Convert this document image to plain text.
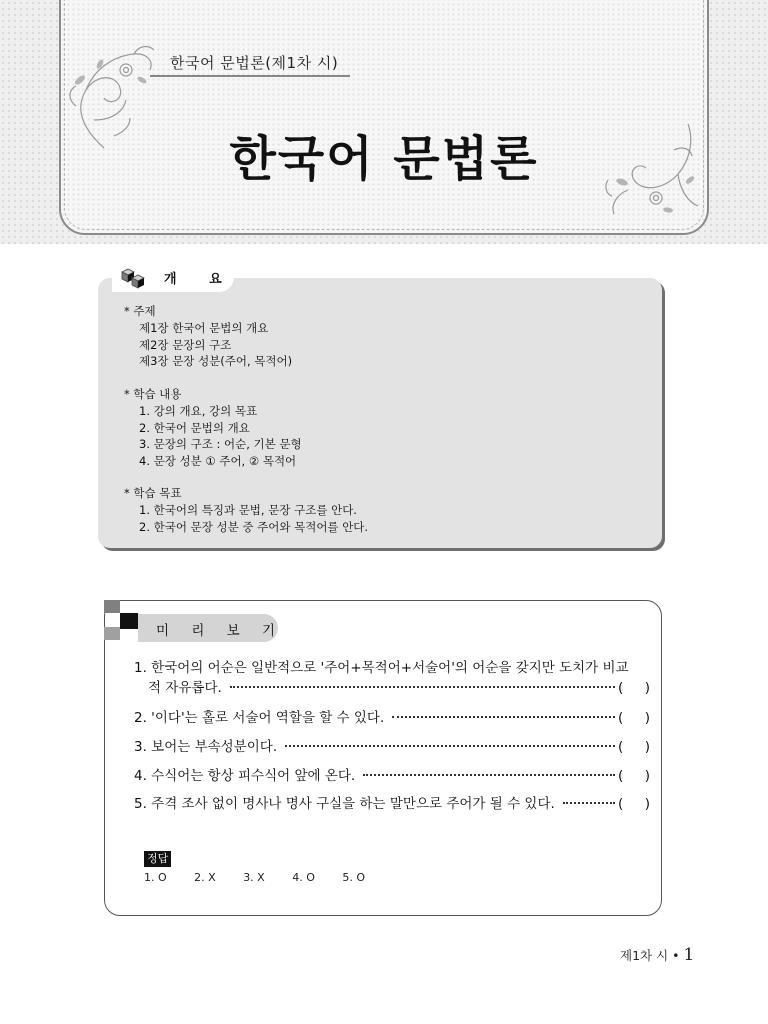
한국어 문법론(제1차 시)
한국어 문법론
개 요
* 주제
제1장 한국어 문법의 개요
제2장 문장의 구조
제3장 문장 성분(주어, 목적어)
* 학습 내용
1. 강의 개요, 강의 목표
2. 한국어 문법의 개요
3. 문장의 구조 : 어순, 기본 문형
4. 문장 성분 ① 주어, ② 목적어
* 학습 목표
1. 한국어의 특징과 문법, 문장 구조를 안다.
2. 한국어 문장 성분 중 주어와 목적어를 안다.
미 리 보 기
1. 한국어의 어순은 일반적으로 '주어+목적어+서술어'의 어순을 갖지만 도치가 비교
적 자유롭다.	( )
2. '이다'는 홀로 서술어 역할을 할 수 있다.	( )
3. 보어는 부속성분이다.	( )
4. 수식어는 항상 피수식어 앞에 온다.	( )
5. 주격 조사 없이 명사나 명사 구실을 하는 말만으로 주어가 될 수 있다.	( )
정답
1. O	2. X	3. X	4. O	5. O
제1차 시 • 1
